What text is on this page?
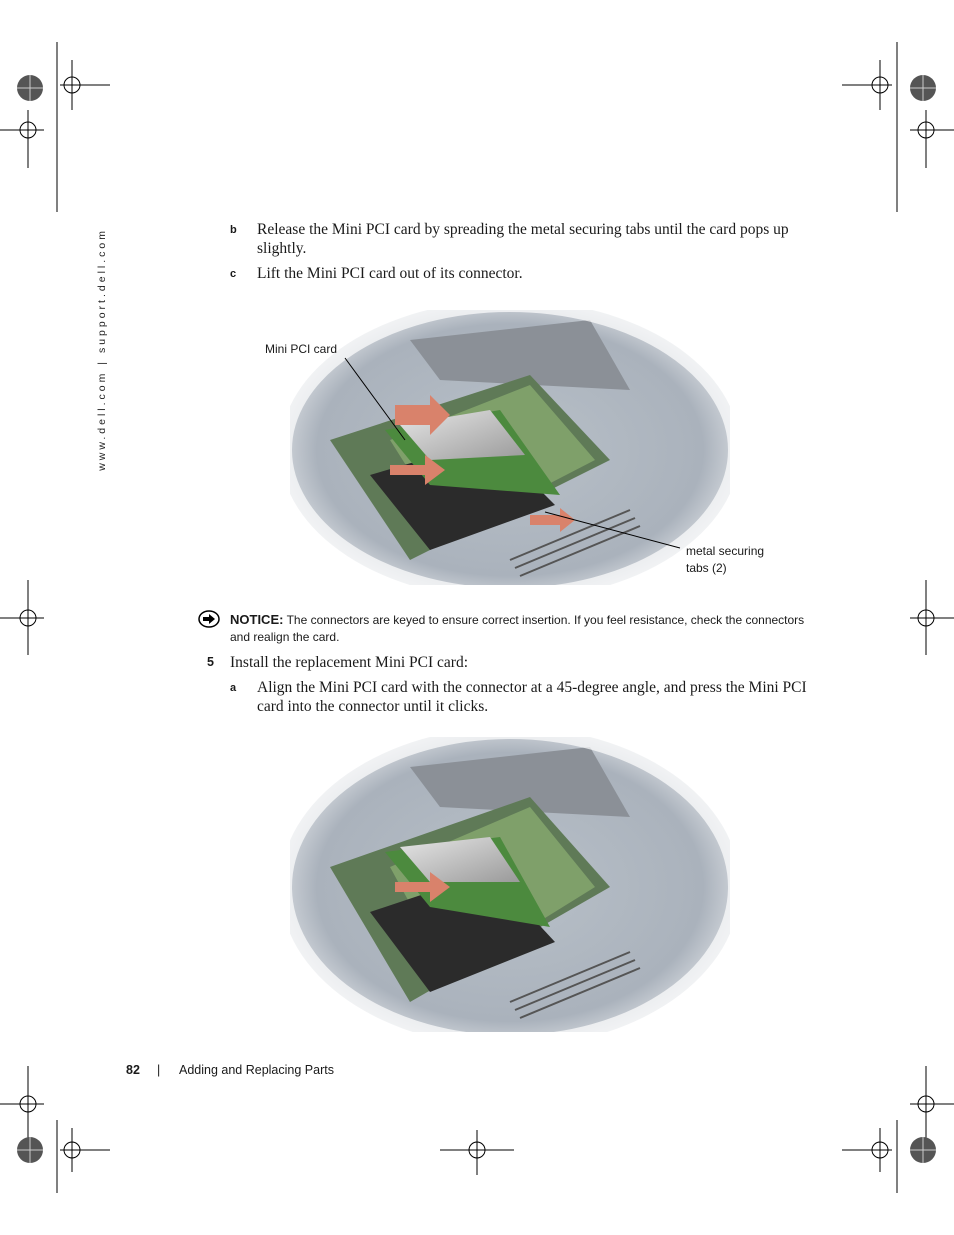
www.dell.com | support.dell.com	b Release the Mini PCI card by spreading the metal securing tabs until the card pops up slightly.
c Lift the Mini PCI card out of its connector.
Mini PCI card
metal securing
tabs (2)
NOTICE: The connectors are keyed to ensure correct insertion. If you feel resistance, check the connectors and realign the card.
5 Install the replacement Mini PCI card:
a Align the Mini PCI card with the connector at a 45-degree angle, and press the Mini PCI card into the connector until it clicks.
82 | Adding and Replacing Parts
